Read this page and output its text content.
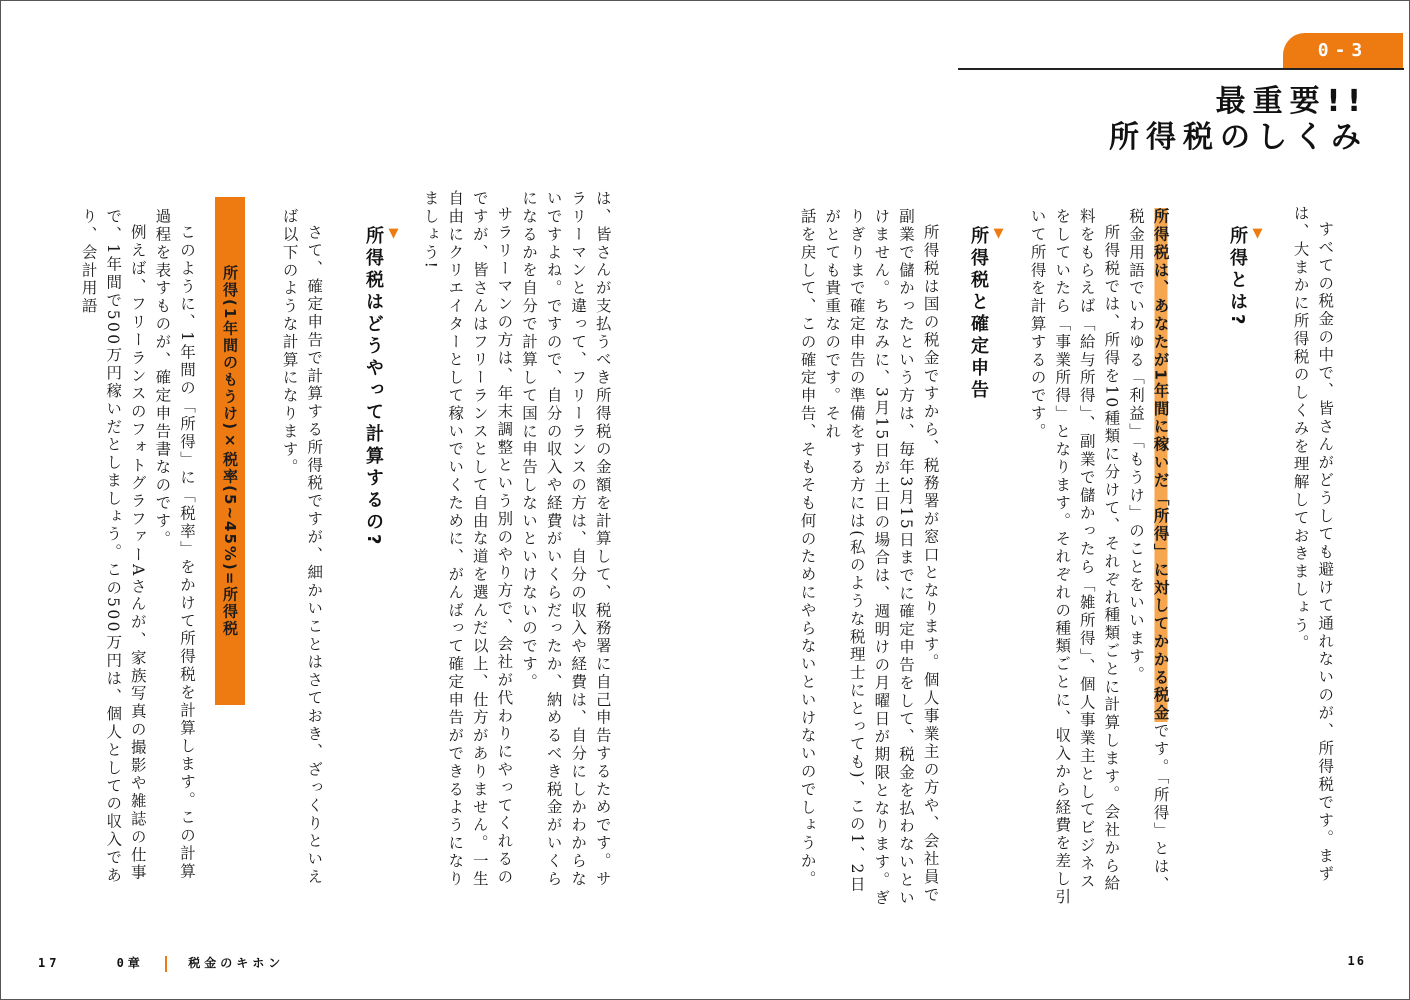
0-3
最重要!!
所得税のしくみ

すべての税金の中で、皆さんがどうしても避けて通れないのが、所得税です。まずは、大まかに所得税のしくみを理解しておきましょう。

▼
所得とは?

所得税は、あなたが1年間に稼いだ「所得」に対してかかる税金です。「所得」とは、税金用語でいわゆる「利益」「もうけ」のことをいいます。

所得税では、所得を10種類に分けて、それぞれ種類ごとに計算します。会社から給料をもらえば「給与所得」、副業で儲かったら「雑所得」、個人事業主としてビジネスをしていたら「事業所得」となります。それぞれの種類ごとに、収入から経費を差し引いて所得を計算するのです。

▼
所得税と確定申告

所得税は国の税金ですから、税務署が窓口となります。個人事業主の方や、会社員で副業で儲かったという方は、毎年3月15日までに確定申告をして、税金を払わないといけません。ちなみに、3月15日が土日の場合は、週明けの月曜日が期限となります。ぎりぎりまで確定申告の準備をする方には(私のような税理士にとっても)、この1、2日がとても貴重なのです。それ

話を戻して、この確定申告、そもそも何のためにやらないといけないのでしょうか。

は、皆さんが支払うべき所得税の金額を計算して、税務署に自己申告するためです。サラリーマンと違って、フリーランスの方は、自分の収入や経費は、自分にしかわからないですよね。ですので、自分の収入や経費がいくらだったか、納めるべき税金がいくらになるかを自分で計算して国に申告しないといけないのです。

サラリーマンの方は、年末調整という別のやり方で、会社が代わりにやってくれるのですが、皆さんはフリーランスとして自由な道を選んだ以上、仕方がありません。一生自由にクリエイターとして稼いでいくために、がんばって確定申告ができるようになりましょう!

▼
所得税はどうやって計算するの?

さて、確定申告で計算する所得税ですが、細かいことはさておき、ざっくりといえば以下のような計算になります。

所得(1年間のもうけ)×税率(5~45%)=所得税

このように、1年間の「所得」に「税率」をかけて所得税を計算します。この計算過程を表すものが、確定申告書なのです。

例えば、フリーランスのフォトグラファーAさんが、家族写真の撮影や雑誌の仕事で、1年間で500万円稼いだとしましょう。この500万円は、個人としての収入であり、会計用語

17	0章	税金のキホン	16
